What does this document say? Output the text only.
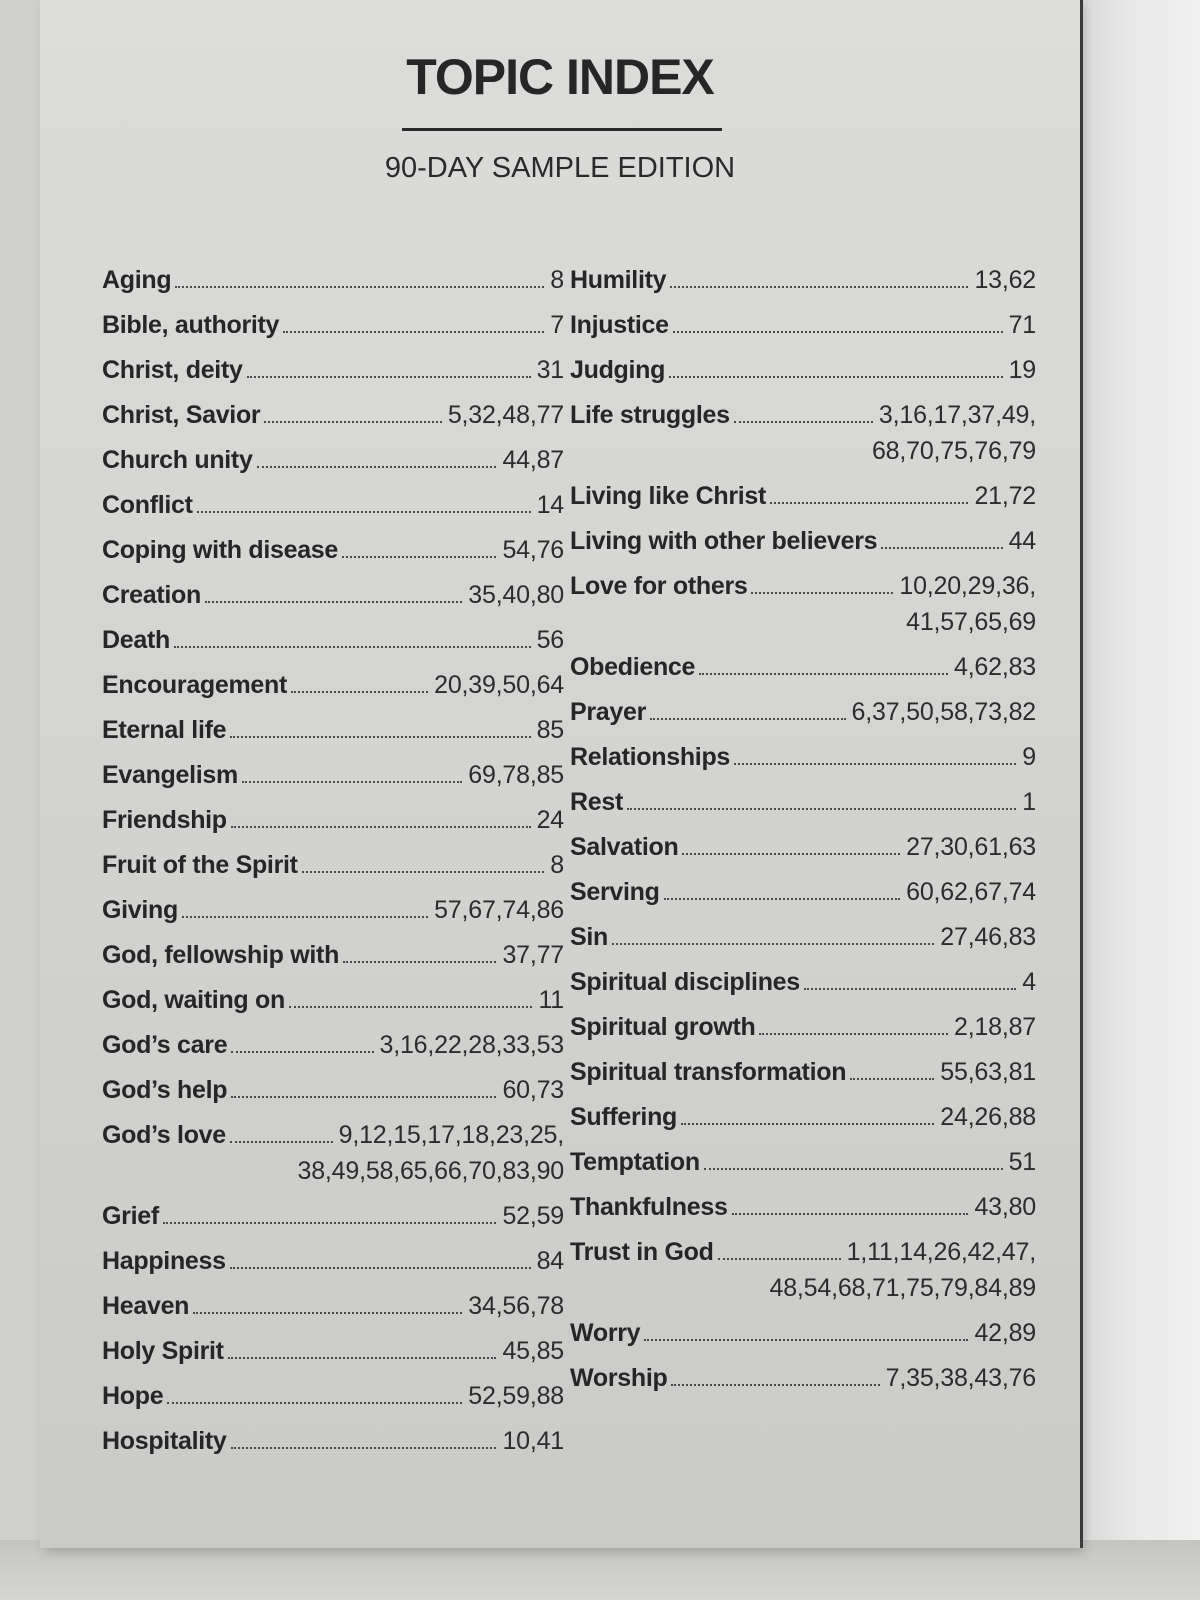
TOPIC INDEX
90-DAY SAMPLE EDITION
Aging	8
Bible, authority	7
Christ, deity	31
Christ, Savior	5,32,48,77
Church unity	44,87
Conflict	14
Coping with disease	54,76
Creation	35,40,80
Death	56
Encouragement	20,39,50,64
Eternal life	85
Evangelism	69,78,85
Friendship	24
Fruit of the Spirit	8
Giving	57,67,74,86
God, fellowship with	37,77
God, waiting on	11
God’s care	3,16,22,28,33,53
God’s help	60,73
God’s love	9,12,15,17,18,23,25,
38,49,58,65,66,70,83,90
Grief	52,59
Happiness	84
Heaven	34,56,78
Holy Spirit	45,85
Hope	52,59,88
Hospitality	10,41
Humility	13,62
Injustice	71
Judging	19
Life struggles	3,16,17,37,49,
68,70,75,76,79
Living like Christ	21,72
Living with other believers	44
Love for others	10,20,29,36,
41,57,65,69
Obedience	4,62,83
Prayer	6,37,50,58,73,82
Relationships	9
Rest	1
Salvation	27,30,61,63
Serving	60,62,67,74
Sin	27,46,83
Spiritual disciplines	4
Spiritual growth	2,18,87
Spiritual transformation	55,63,81
Suffering	24,26,88
Temptation	51
Thankfulness	43,80
Trust in God	1,11,14,26,42,47,
48,54,68,71,75,79,84,89
Worry	42,89
Worship	7,35,38,43,76
